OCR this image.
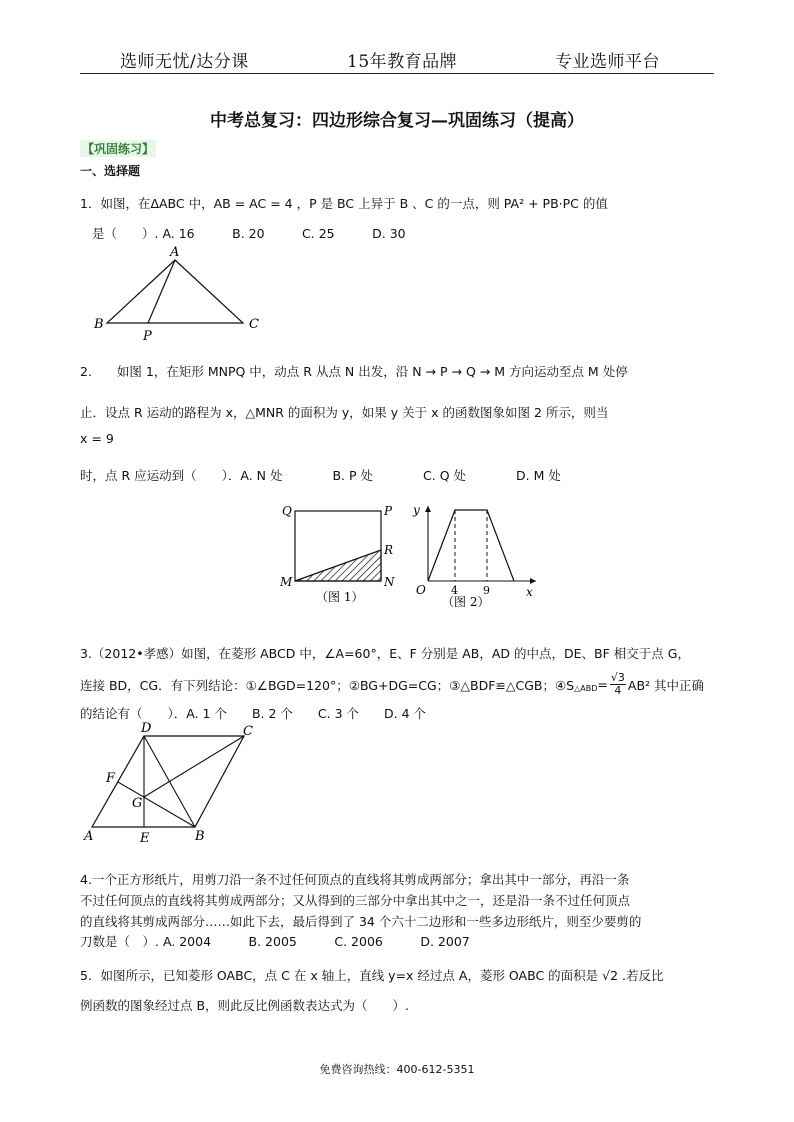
选师无忧/达分课	15年教育品牌	专业选师平台
中考总复习：四边形综合复习—巩固练习（提高）
【巩固练习】
一、选择题
1．如图，在ΔABC 中，AB = AC = 4 ，P 是 BC 上异于 B 、C 的一点，则 PA² + PB·PC 的值
是（　　）. A. 16　　　B. 20　　　C. 25　　　D. 30
A
B	C
P
2.　　如图 1，在矩形 MNPQ 中，动点 R 从点 N 出发，沿 N → P → Q → M 方向运动至点 M 处停
止．设点 R 运动的路程为 x，△MNR 的面积为 y，如果 y 关于 x 的函数图象如图 2 所示，则当
x = 9
时，点 R 应运动到（　　）．A. N 处　　　　B. P 处　　　　C. Q 处　　　　D. M 处
Q	P
R
M	N
（图 1）
y
x
O 4 9
（图 2）
3.（2012•孝感）如图，在菱形 ABCD 中，∠A=60°，E、F 分别是 AB，AD 的中点，DE、BF 相交于点 G，
连接 BD，CG．有下列结论：①∠BGD=120°；②BG+DG=CG；③△BDF≌△CGB；④S △ABD = $\frac{√3}{4} AB^2$ 其中正确
的结论有（　　）．A. 1 个　　B. 2 个　　C. 3 个　　D. 4 个
D	C
F
G
A	E	B
4.一个正方形纸片，用剪刀沿一条不过任何顶点的直线将其剪成两部分；拿出其中一部分，再沿一条
不过任何顶点的直线将其剪成两部分；又从得到的三部分中拿出其中之一，还是沿一条不过任何顶点
的直线将其剪成两部分……如此下去，最后得到了 34 个六十二边形和一些多边形纸片，则至少要剪的
刀数是（　）. A. 2004　　　B. 2005　　　C. 2006　　　D. 2007
5．如图所示，已知菱形 OABC，点 C 在 x 轴上，直线 y=x 经过点 A，菱形 OABC 的面积是 √2 .若反比
例函数的图象经过点 B，则此反比例函数表达式为（　　）.
免费咨询热线：400-612-5351
